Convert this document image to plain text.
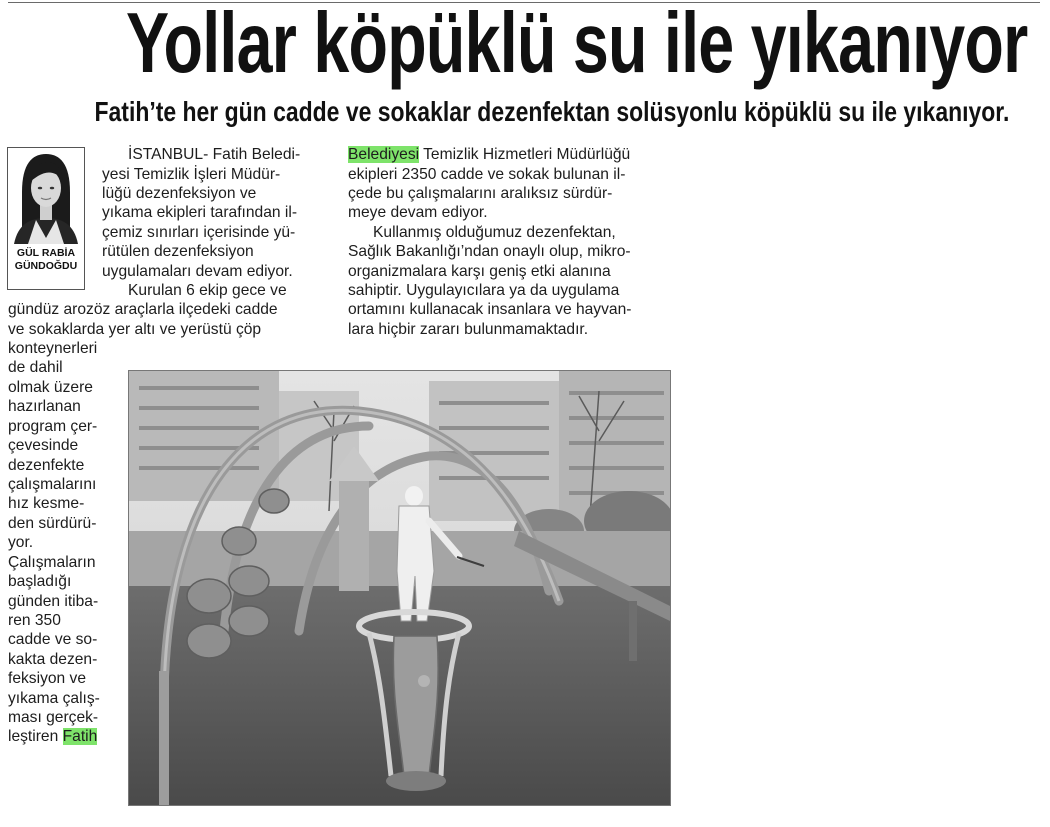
Yollar köpüklü su ile yıkanıyor
Fatih’te her gün cadde ve sokaklar dezenfektan solüsyonlu köpüklü su ile yıkanıyor.
GÜL RABİA
GÜNDOĞDU
İSTANBUL- Fatih Beledi-
yesi Temizlik İşleri Müdür-
lüğü dezenfeksiyon ve
yıkama ekipleri tarafından il-
çemiz sınırları içerisinde yü-
rütülen dezenfeksiyon
uygulamaları devam ediyor.
Kurulan 6 ekip gece ve
gündüz arozöz araçlarla ilçedeki cadde
ve sokaklarda yer altı ve yerüstü çöp
konteynerleri
de dahil
olmak üzere
hazırlanan
program çer-
çevesinde
dezenfekte
çalışmalarını
hız kesme-
den sürdürü-
yor.
Çalışmaların
başladığı
günden itiba-
ren 350
cadde ve so-
kakta dezen-
feksiyon ve
yıkama çalış-
ması gerçek-
leştiren Fatih
Belediyesi Temizlik Hizmetleri Müdürlüğü
ekipleri 2350 cadde ve sokak bulunan il-
çede bu çalışmalarını aralıksız sürdür-
meye devam ediyor.
Kullanmış olduğumuz dezenfektan,
Sağlık Bakanlığı’ndan onaylı olup, mikro-
organizmalara karşı geniş etki alanına
sahiptir. Uygulayıcılara ya da uygulama
ortamını kullanacak insanlara ve hayvan-
lara hiçbir zararı bulunmamaktadır.
